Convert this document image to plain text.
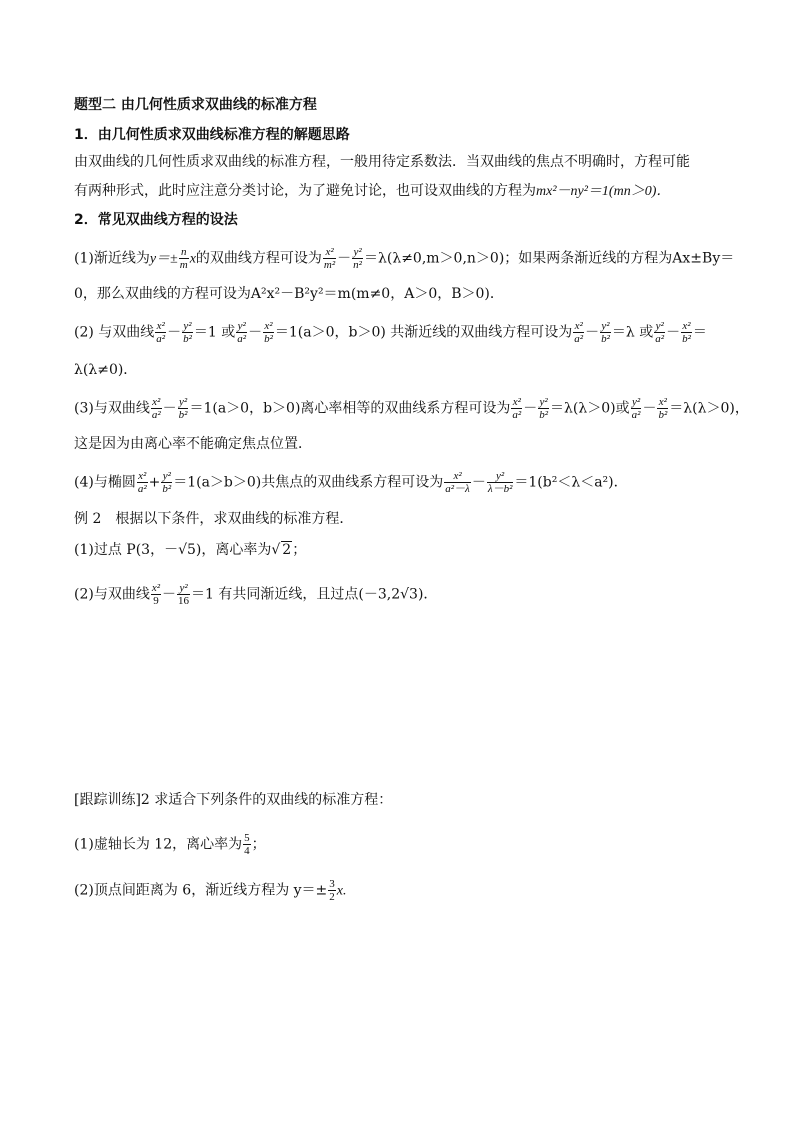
题型二 由几何性质求双曲线的标准方程
1．由几何性质求双曲线标准方程的解题思路
由双曲线的几何性质求双曲线的标准方程，一般用待定系数法．当双曲线的焦点不明确时，方程可能
有两种形式，此时应注意分类讨论，为了避免讨论，也可设双曲线的方程为mx²－ny²＝1(mn＞0)．
2．常见双曲线方程的设法
(1)渐近线为$y=\pm \frac{n}{m}$ x的双曲线方程可设为 $\frac{\text{x²}}{\text{m²}} - \frac{\text{y²}}{\text{n²}} =\lambda(\lambda\ne 0,m>0,n>0)$；如果两条渐近线的方程为Ax±By＝
0，那么双曲线的方程可设为A²x²－B²y²＝m(m≠0，A＞0，B＞0)．
(2) 与双曲线 $\frac{\text{x²}}{\text{a²}} - \frac{\text{y²}}{\text{b²}} =1$ 或 $\frac{\text{y²}}{\text{a²}} - \frac{\text{x²}}{\text{b²}} =1(a>0$，b＞0) 共渐近线的双曲线方程可设为 $\frac{\text{x²}}{\text{a²}} - \frac{\text{y²}}{\text{b²}} =\lambda$ 或 $\frac{\text{y²}}{\text{a²}} - \frac{\text{x²}}{\text{b²}}$ ＝
λ(λ≠0)．
(3)与双曲线 $\frac{\text{x²}}{\text{a²}} - \frac{\text{y²}}{\text{b²}} =1(a>0$，b＞0)离心率相等的双曲线系方程可设为 $\frac{\text{x²}}{\text{a²}} - \frac{\text{y²}}{\text{b²}} =\lambda(\lambda>0)$或 $\frac{\text{y²}}{\text{a²}} - \frac{\text{x²}}{\text{b²}} =\lambda(\lambda>0)$，
这是因为由离心率不能确定焦点位置．
(4)与椭圆 $\frac{\text{x²}}{\text{a²}} + \frac{\text{y²}}{\text{b²}} =1(a>b>0)$共焦点的双曲线系方程可设为 $\frac{\text{x²}}{\text{a²－λ}} - \frac{\text{y²}}{\text{λ－b²}} =1(b^2<\lambda<a^2)$．
例 2　根据以下条件，求双曲线的标准方程．
(1)过点 P(3，－√5)，离心率为√ 2；
(2)与双曲线 $\frac{\text{x²}}{9} - \frac{\text{y²}}{16} =1$ 有共同渐近线，且过点(－3,2√3)．
[跟踪训练]2 求适合下列条件的双曲线的标准方程：
(1)虚轴长为 12，离心率为 $\frac{5}{4}$ ；
(2)顶点间距离为 6，渐近线方程为 $y=\pm \frac{3}{2} x$.
